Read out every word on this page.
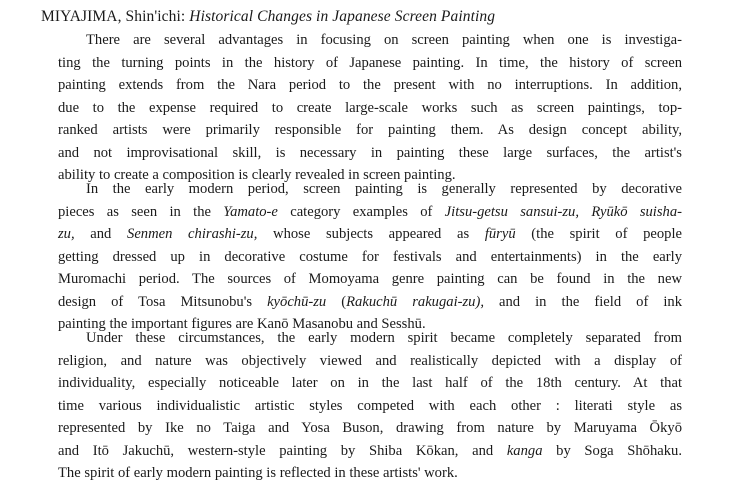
MIYAJIMA, Shin'ichi: Historical Changes in Japanese Screen Painting
There are several advantages in focusing on screen painting when one is investiga-
ting the turning points in the history of Japanese painting. In time, the history of screen
painting extends from the Nara period to the present with no interruptions. In addition,
due to the expense required to create large-scale works such as screen paintings, top-
ranked artists were primarily responsible for painting them. As design concept ability,
and not improvisational skill, is necessary in painting these large surfaces, the artist's
ability to create a composition is clearly revealed in screen painting.
In the early modern period, screen painting is generally represented by decorative
pieces as seen in the Yamato-e category examples of Jitsu-getsu sansui-zu, Ryūkō suisha-
zu, and Senmen chirashi-zu, whose subjects appeared as fūryū (the spirit of people
getting dressed up in decorative costume for festivals and entertainments) in the early
Muromachi period. The sources of Momoyama genre painting can be found in the new
design of Tosa Mitsunobu's kyōchū-zu (Rakuchū rakugai-zu), and in the field of ink
painting the important figures are Kanō Masanobu and Sesshū.
Under these circumstances, the early modern spirit became completely separated from
religion, and nature was objectively viewed and realistically depicted with a display of
individuality, especially noticeable later on in the last half of the 18th century. At that
time various individualistic artistic styles competed with each other : literati style as
represented by Ike no Taiga and Yosa Buson, drawing from nature by Maruyama Ōkyō
and Itō Jakuchū, western-style painting by Shiba Kōkan, and kanga by Soga Shōhaku.
The spirit of early modern painting is reflected in these artists' work.
